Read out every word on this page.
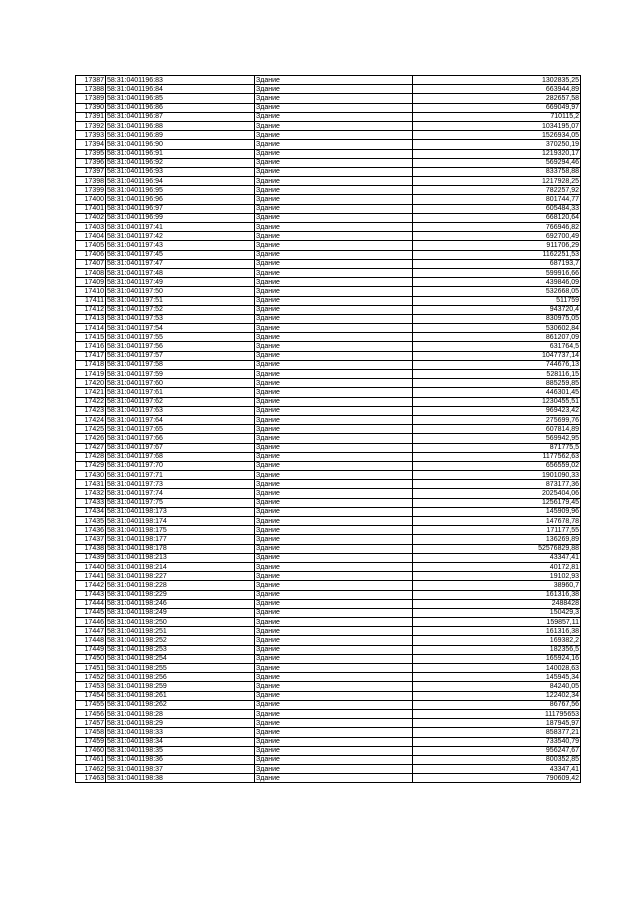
17387	58:31:0401196:83	Здание	1302835,25
17388	58:31:0401196:84	Здание	663944,89
17389	58:31:0401196:85	Здание	282657,58
17390	58:31:0401196:86	Здание	669049,97
17391	58:31:0401196:87	Здание	710115,2
17392	58:31:0401196:88	Здание	1034195,07
17393	58:31:0401196:89	Здание	1526934,05
17394	58:31:0401196:90	Здание	370250,19
17395	58:31:0401196:91	Здание	1219320,17
17396	58:31:0401196:92	Здание	569294,46
17397	58:31:0401196:93	Здание	833758,88
17398	58:31:0401196:94	Здание	1217928,25
17399	58:31:0401196:95	Здание	782257,92
17400	58:31:0401196:96	Здание	801744,77
17401	58:31:0401196:97	Здание	605484,33
17402	58:31:0401196:99	Здание	668120,64
17403	58:31:0401197:41	Здание	766946,82
17404	58:31:0401197:42	Здание	692700,49
17405	58:31:0401197:43	Здание	911706,29
17406	58:31:0401197:45	Здание	1162251,53
17407	58:31:0401197:47	Здание	687193,7
17408	58:31:0401197:48	Здание	599916,66
17409	58:31:0401197:49	Здание	439846,09
17410	58:31:0401197:50	Здание	532668,05
17411	58:31:0401197:51	Здание	511759
17412	58:31:0401197:52	Здание	943720,4
17413	58:31:0401197:53	Здание	830975,05
17414	58:31:0401197:54	Здание	530602,84
17415	58:31:0401197:55	Здание	861207,09
17416	58:31:0401197:56	Здание	631764,5
17417	58:31:0401197:57	Здание	1047737,14
17418	58:31:0401197:58	Здание	744676,13
17419	58:31:0401197:59	Здание	528116,15
17420	58:31:0401197:60	Здание	885259,85
17421	58:31:0401197:61	Здание	446301,45
17422	58:31:0401197:62	Здание	1230455,51
17423	58:31:0401197:63	Здание	969423,42
17424	58:31:0401197:64	Здание	275699,76
17425	58:31:0401197:65	Здание	607814,89
17426	58:31:0401197:66	Здание	569942,95
17427	58:31:0401197:67	Здание	871775,5
17428	58:31:0401197:68	Здание	1177562,63
17429	58:31:0401197:70	Здание	656559,02
17430	58:31:0401197:71	Здание	1901090,33
17431	58:31:0401197:73	Здание	873177,36
17432	58:31:0401197:74	Здание	2025404,06
17433	58:31:0401197:75	Здание	1256179,45
17434	58:31:0401198:173	Здание	145909,96
17435	58:31:0401198:174	Здание	147678,78
17436	58:31:0401198:175	Здание	171177,55
17437	58:31:0401198:177	Здание	136269,89
17438	58:31:0401198:178	Здание	52576829,88
17439	58:31:0401198:213	Здание	43347,41
17440	58:31:0401198:214	Здание	40172,81
17441	58:31:0401198:227	Здание	19102,93
17442	58:31:0401198:228	Здание	38960,7
17443	58:31:0401198:229	Здание	161316,38
17444	58:31:0401198:246	Здание	2488428
17445	58:31:0401198:249	Здание	150429,3
17446	58:31:0401198:250	Здание	159857,11
17447	58:31:0401198:251	Здание	161316,38
17448	58:31:0401198:252	Здание	169382,2
17449	58:31:0401198:253	Здание	182356,5
17450	58:31:0401198:254	Здание	165924,16
17451	58:31:0401198:255	Здание	140028,63
17452	58:31:0401198:256	Здание	145945,34
17453	58:31:0401198:259	Здание	84240,05
17454	58:31:0401198:261	Здание	122402,34
17455	58:31:0401198:262	Здание	86767,56
17456	58:31:0401198:28	Здание	111795653
17457	58:31:0401198:29	Здание	187945,97
17458	58:31:0401198:33	Здание	858377,21
17459	58:31:0401198:34	Здание	733540,79
17460	58:31:0401198:35	Здание	956247,67
17461	58:31:0401198:36	Здание	800352,85
17462	58:31:0401198:37	Здание	43347,41
17463	58:31:0401198:38	Здание	790609,42
